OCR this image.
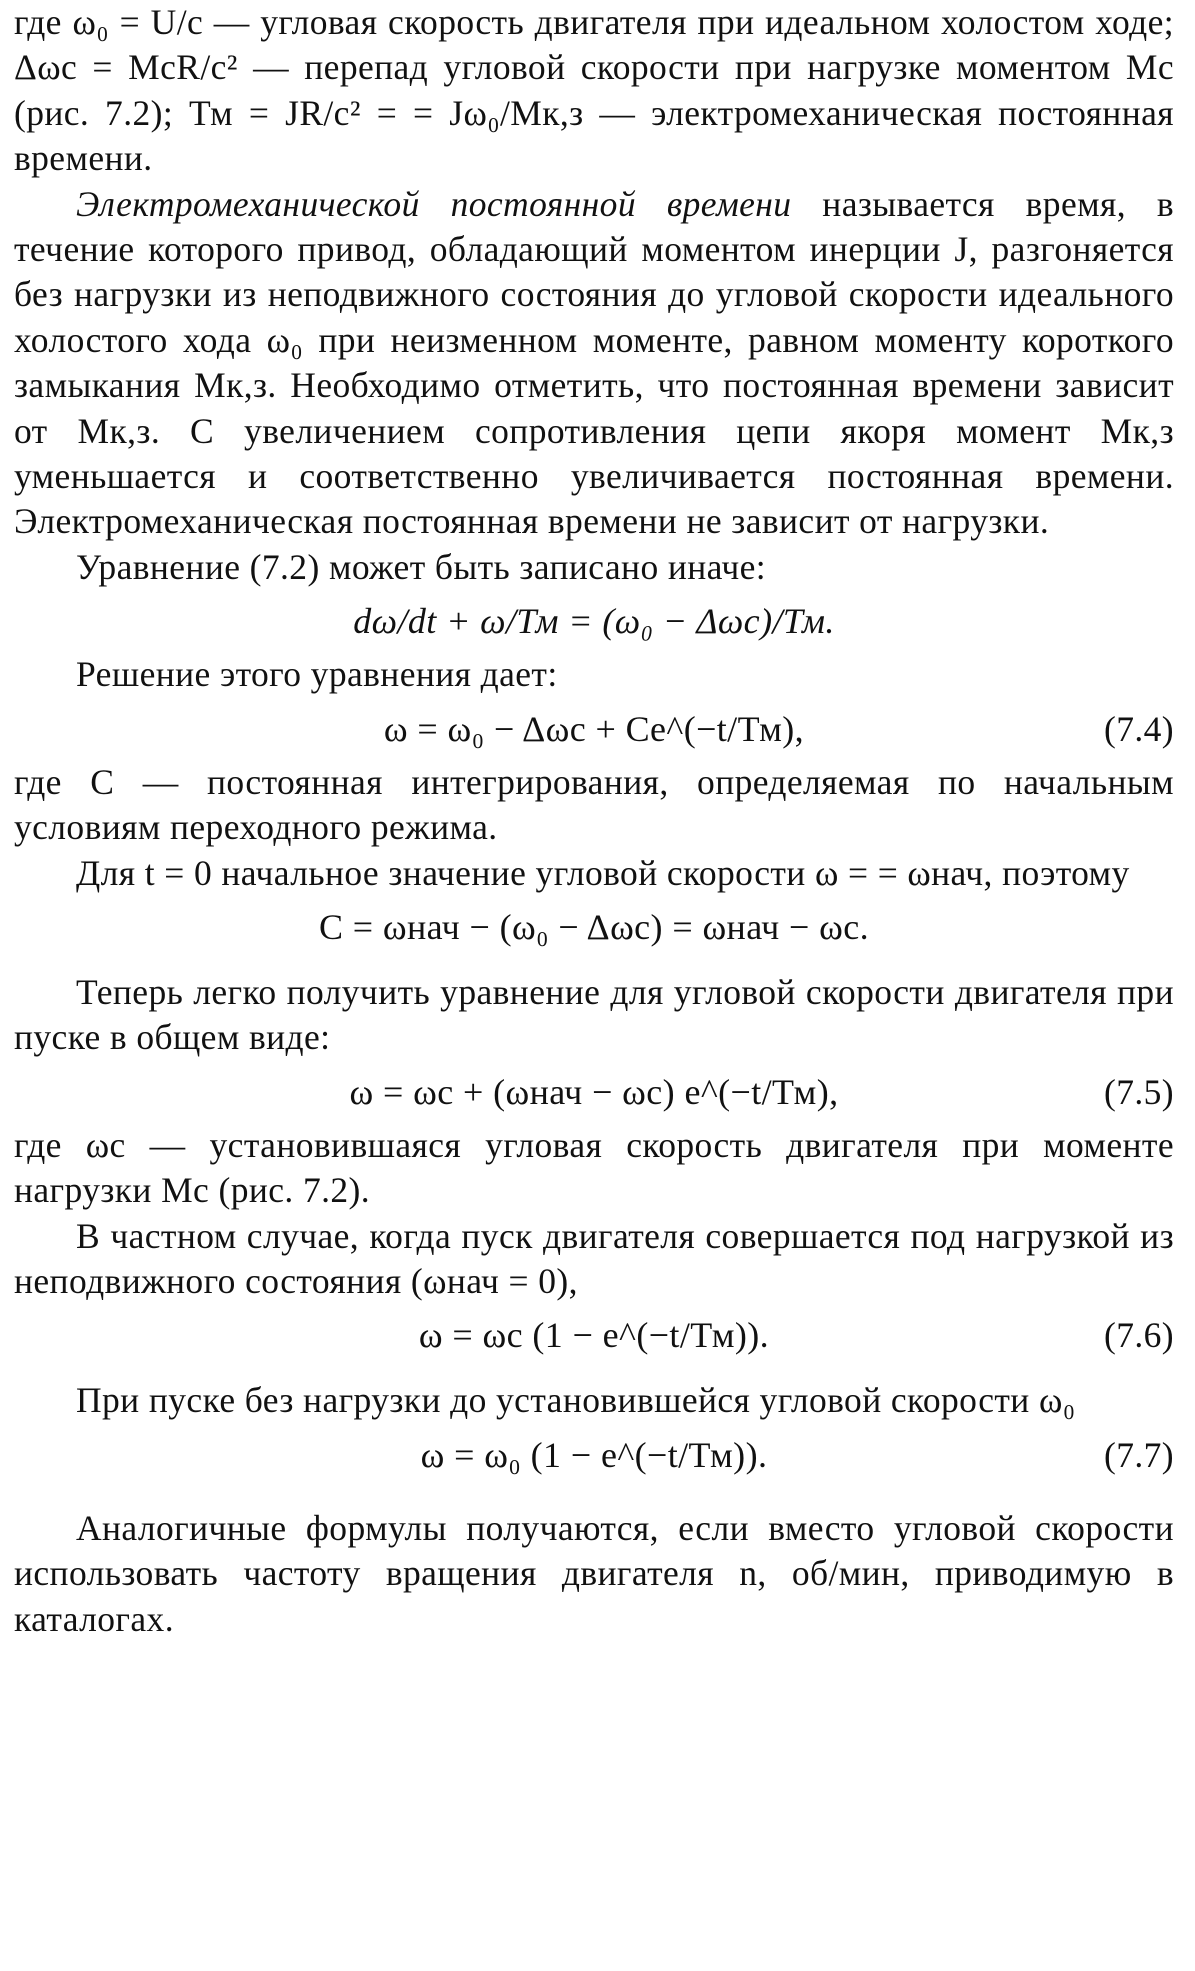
где ω₀ = U/c — угловая скорость двигателя при идеальном холостом ходе; Δωс = МсR/c² — перепад угловой скорости при нагрузке моментом Мс (рис. 7.2); Тм = JR/c² = = Jω₀/Мк,з — электромеханическая постоянная времени.

Электромеханической постоянной времени называется время, в течение которого привод, обладающий моментом инерции J, разгоняется без нагрузки из неподвижного состояния до угловой скорости идеального холостого хода ω₀ при неизменном моменте, равном моменту короткого замыкания Мк,з. Необходимо отметить, что постоянная времени зависит от Мк,з. С увеличением сопротивления цепи якоря момент Мк,з уменьшается и соответственно увеличивается постоянная времени. Электромеханическая постоянная времени не зависит от нагрузки.

Уравнение (7.2) может быть записано иначе:

dω/dt + ω/Тм = (ω₀ − Δωс)/Тм.

Решение этого уравнения дает:

ω = ω₀ − Δωс + Ce^(−t/Тм),	(7.4)

где С — постоянная интегрирования, определяемая по начальным условиям переходного режима.

Для t = 0 начальное значение угловой скорости ω = = ωнач, поэтому

С = ωнач − (ω₀ − Δωс) = ωнач − ωс.

Теперь легко получить уравнение для угловой скорости двигателя при пуске в общем виде:

ω = ωс + (ωнач − ωс) e^(−t/Тм),	(7.5)

где ωс — установившаяся угловая скорость двигателя при моменте нагрузки Мс (рис. 7.2).

В частном случае, когда пуск двигателя совершается под нагрузкой из неподвижного состояния (ωнач = 0),

ω = ωс (1 − e^(−t/Тм)).	(7.6)

При пуске без нагрузки до установившейся угловой скорости ω₀

ω = ω₀ (1 − e^(−t/Тм)).	(7.7)

Аналогичные формулы получаются, если вместо угловой скорости использовать частоту вращения двигателя n, об/мин, приводимую в каталогах.
